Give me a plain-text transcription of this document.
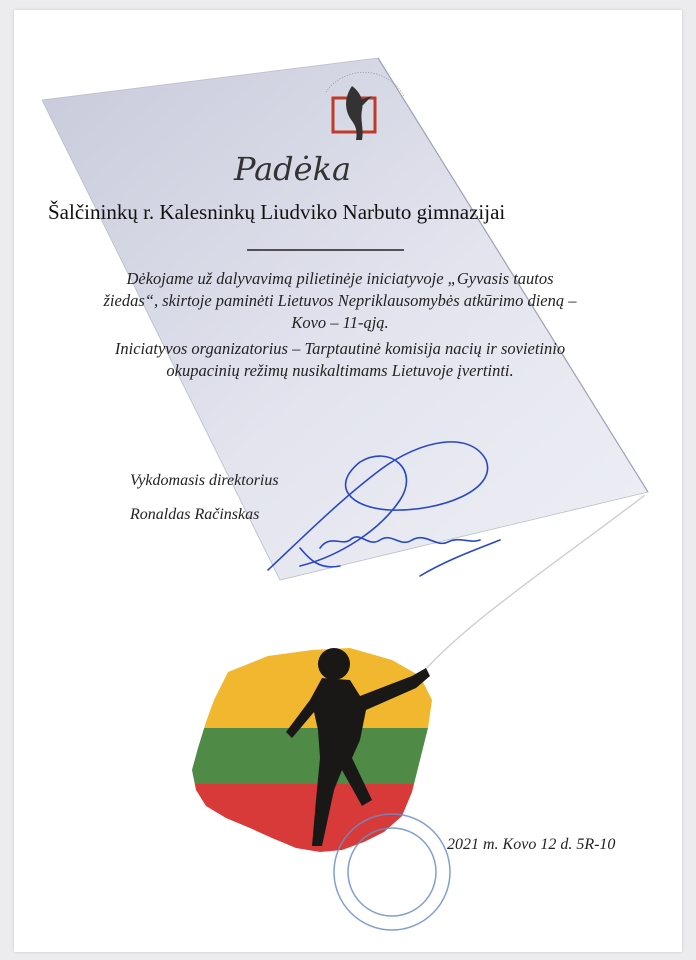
Padėka

Šalčininkų r. Kalesninkų Liudviko Narbuto gimnazijai

Dėkojame už dalyvavimą pilietinėje iniciatyvoje „Gyvasis tautos žiedas“, skirtoje paminėti Lietuvos Nepriklausomybės atkūrimo dieną – Kovo – 11-ąją.

Iniciatyvos organizatorius – Tarptautinė komisija nacių ir sovietinio okupacinių režimų nusikaltimams Lietuvoje įvertinti.

Vykdomasis direktorius

Ronaldas Račinskas

2021 m. Kovo 12 d. 5R-10
